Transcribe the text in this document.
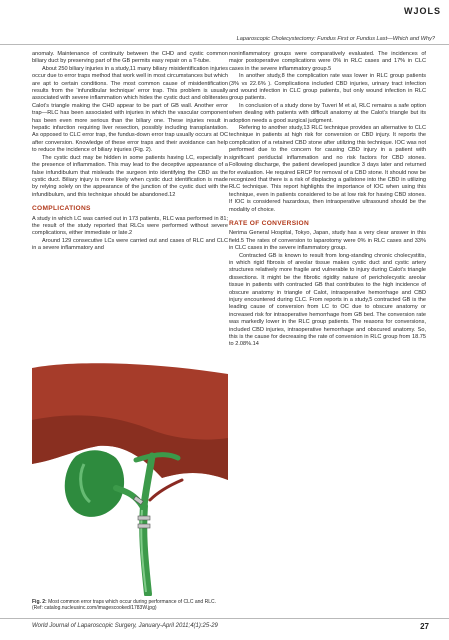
WJOLS
Laparoscopic Cholecystectomy: Fundus First or Fundus Last—Which and Why?

anomaly. Maintenance of continuity between the CHD and cystic common biliary duct by preserving part of the GB permits easy repair on a T-tube.

About 250 biliary injuries in a study,11 many biliary misidentification injuries occur due to error traps method that work well in most circumstances but which are apt to certain conditions. The most common cause of misidentification results from the ‘infundibular technique’ error trap. This problem is usually associated with severe inflammation which hides the cystic duct and obliterates Calot’s triangle making the CHD appear to be part of GB wall. Another error trap—RLC has been associated with injuries in which the vascular component has been even more serious than the biliary one. These injuries result in hepatic infarction requiring liver resection, possibly including transplantation. As opposed to CLC error trap, the fundus-down error trap usually occurs at OC after conversion. Knowledge of these error traps and their avoidance can help to reduce the incidence of biliary injuries (Fig. 2).

The cystic duct may be hidden in some patients having LC, especially in the presence of inflammation. This may lead to the deceptive appearance of a false infundibulum that misleads the surgeon into identifying the CBD as the cystic duct. Biliary injury is more likely when cystic duct identification is made by relying solely on the appearance of the junction of the cystic duct with the infundibulum, and this technique should be abandoned.12

COMPLICATIONS

A study in which LC was carried out in 173 patients, RLC was performed in 81; the result of the study reported that RLCs were performed without severe complications, either immediate or late.2

Around 129 consecutive LCs were carried out and cases of RLC and CLC in a severe inflammatory and

noninflammatory groups were comparatively evaluated. The incidences of major postoperative complications were 0% in RLC cases and 17% in CLC cases in the severe inflammatory group.5

In another study,8 the complication rate was lower in RLC group patients (3% vs 22.6% ). Complications included CBD injuries, urinary tract infection and wound infection in CLC group patients, but only wound infection in RLC group patients.

In conclusion of a study done by Tuveri M et al, RLC remains a safe option when dealing with patients with difficult anatomy at the Calot’s triangle but its adoption needs a good surgical judgment.

Refering to another study,13 RLC technique provides an alternative to CLC technique in patients at high risk for conversion or CBD injury. It reports the complication of a retained CBD stone after utilizing this technique. IOC was not performed due to the concern for causing CBD injury in a patient with significant periductal inflammation and no risk factors for CBD stones. Following discharge, the patient developed jaundice 3 days later and returned for evaluation. He required ERCP for removal of a CBD stone. It should now be recognized that there is a risk of displacing a gallstone into the CBD in utilizing RLC technique. This report highlights the importance of IOC when using this technique, even in patients considered to be at low risk for having CBD stones. If IOC is considered hazardous, then intraoperative ultrasound should be the modality of choice.

RATE OF CONVERSION

Nerima General Hospital, Tokyo, Japan, study has a very clear answer in this field.5 The rates of conversion to laparotomy were 0% in RLC cases and 33% in CLC cases in the severe inflammatory group.

Contracted GB is known to result from long-standing chronic cholecystitis, in which rigid fibrosis of areolar tissue makes cystic duct and cystic artery structures relatively more fragile and vulnerable to injury during Calot’s triangle dissections. It might be the fibrotic rigidity nature of pericholecystic areolar tissue in patients with contracted GB that contributes to the high incidence of obscure anatomy in triangle of Calot, intraoperative hemorrhage and CBD injury encountered during CLC. From reports in a study,5 contracted GB is the leading cause of conversion from LC to OC due to obscure anatomy or increased risk for intraoperative hemorrhage from GB bed. The conversion rate was markedly lower in the RLC group patients. The reasons for conversions, included CBD injuries, intraoperative hemorrhage and obscured anatomy. So, this is the cause for decreasing the rate of conversion in RLC group from 18.75 to 2.08%.14

Fig. 2: Most common error traps which occur during performance of CLC and RLC. (Ref: catalog.nucleusinc.com/imagescooked/1783W.jpg)
World Journal of Laparoscopic Surgery, January-April 2011;4(1):25-29	27
